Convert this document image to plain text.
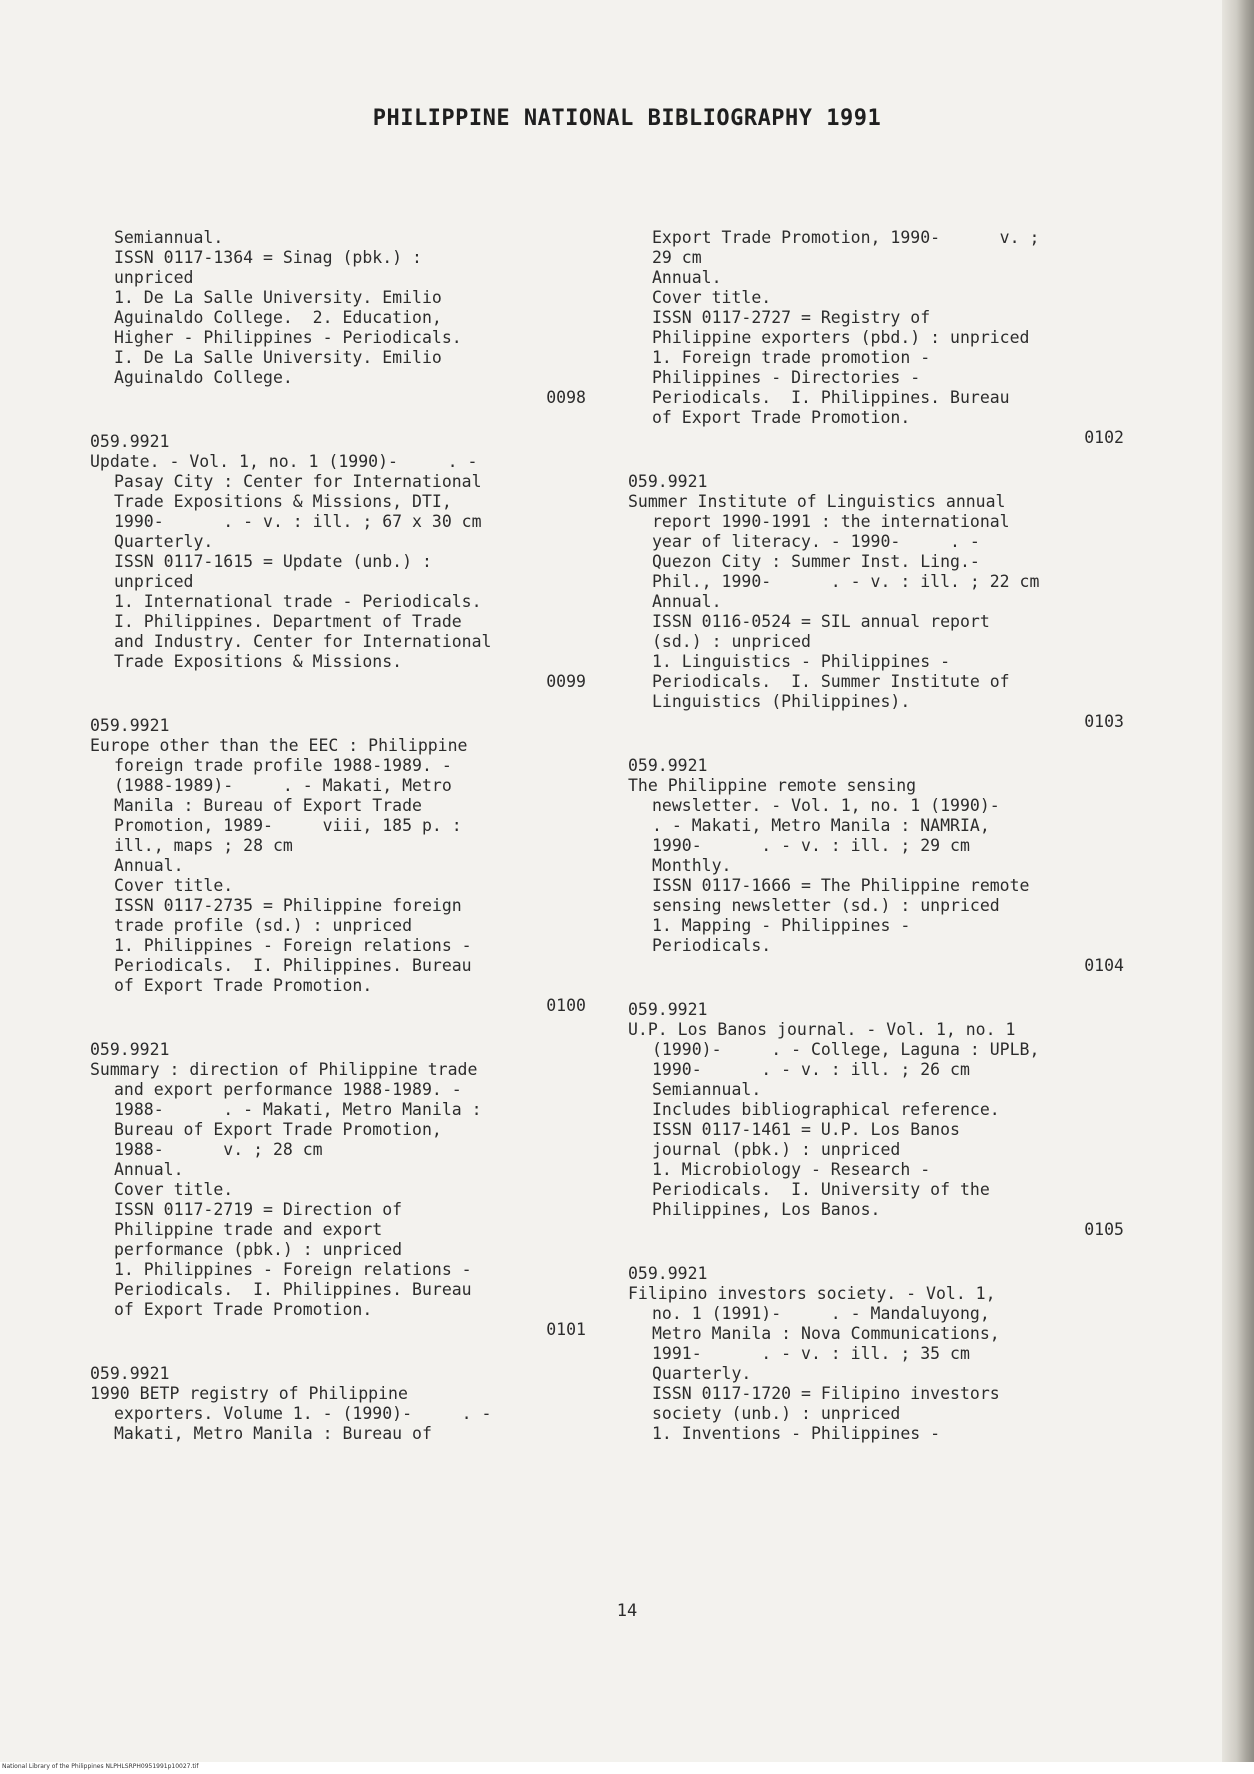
PHILIPPINE NATIONAL BIBLIOGRAPHY 1991
Semiannual.
ISSN 0117-1364 = Sinag (pbk.) :
unpriced
1. De La Salle University. Emilio
Aguinaldo College.  2. Education,
Higher - Philippines - Periodicals.
I. De La Salle University. Emilio
Aguinaldo College.
0098
059.9921
Update. - Vol. 1, no. 1 (1990)-     . -
Pasay City : Center for International
Trade Expositions & Missions, DTI,
1990-      . - v. : ill. ; 67 x 30 cm
Quarterly.
ISSN 0117-1615 = Update (unb.) :
unpriced
1. International trade - Periodicals.
I. Philippines. Department of Trade
and Industry. Center for International
Trade Expositions & Missions.
0099
059.9921
Europe other than the EEC : Philippine
foreign trade profile 1988-1989. -
(1988-1989)-     . - Makati, Metro
Manila : Bureau of Export Trade
Promotion, 1989-     viii, 185 p. :
ill., maps ; 28 cm
Annual.
Cover title.
ISSN 0117-2735 = Philippine foreign
trade profile (sd.) : unpriced
1. Philippines - Foreign relations -
Periodicals.  I. Philippines. Bureau
of Export Trade Promotion.
0100
059.9921
Summary : direction of Philippine trade
and export performance 1988-1989. -
1988-      . - Makati, Metro Manila :
Bureau of Export Trade Promotion,
1988-      v. ; 28 cm
Annual.
Cover title.
ISSN 0117-2719 = Direction of
Philippine trade and export
performance (pbk.) : unpriced
1. Philippines - Foreign relations -
Periodicals.  I. Philippines. Bureau
of Export Trade Promotion.
0101
059.9921
1990 BETP registry of Philippine
exporters. Volume 1. - (1990)-     . -
Makati, Metro Manila : Bureau of
Export Trade Promotion, 1990-      v. ;
29 cm
Annual.
Cover title.
ISSN 0117-2727 = Registry of
Philippine exporters (pbd.) : unpriced
1. Foreign trade promotion -
Philippines - Directories -
Periodicals.  I. Philippines. Bureau
of Export Trade Promotion.
0102
059.9921
Summer Institute of Linguistics annual
report 1990-1991 : the international
year of literacy. - 1990-     . -
Quezon City : Summer Inst. Ling.-
Phil., 1990-      . - v. : ill. ; 22 cm
Annual.
ISSN 0116-0524 = SIL annual report
(sd.) : unpriced
1. Linguistics - Philippines -
Periodicals.  I. Summer Institute of
Linguistics (Philippines).
0103
059.9921
The Philippine remote sensing
newsletter. - Vol. 1, no. 1 (1990)-
. - Makati, Metro Manila : NAMRIA,
1990-      . - v. : ill. ; 29 cm
Monthly.
ISSN 0117-1666 = The Philippine remote
sensing newsletter (sd.) : unpriced
1. Mapping - Philippines -
Periodicals.
0104
059.9921
U.P. Los Banos journal. - Vol. 1, no. 1
(1990)-     . - College, Laguna : UPLB,
1990-      . - v. : ill. ; 26 cm
Semiannual.
Includes bibliographical reference.
ISSN 0117-1461 = U.P. Los Banos
journal (pbk.) : unpriced
1. Microbiology - Research -
Periodicals.  I. University of the
Philippines, Los Banos.
0105
059.9921
Filipino investors society. - Vol. 1,
no. 1 (1991)-     . - Mandaluyong,
Metro Manila : Nova Communications,
1991-      . - v. : ill. ; 35 cm
Quarterly.
ISSN 0117-1720 = Filipino investors
society (unb.) : unpriced
1. Inventions - Philippines -
14
National Library of the Philippines NLPHLSRPH0951991p10027.tif
